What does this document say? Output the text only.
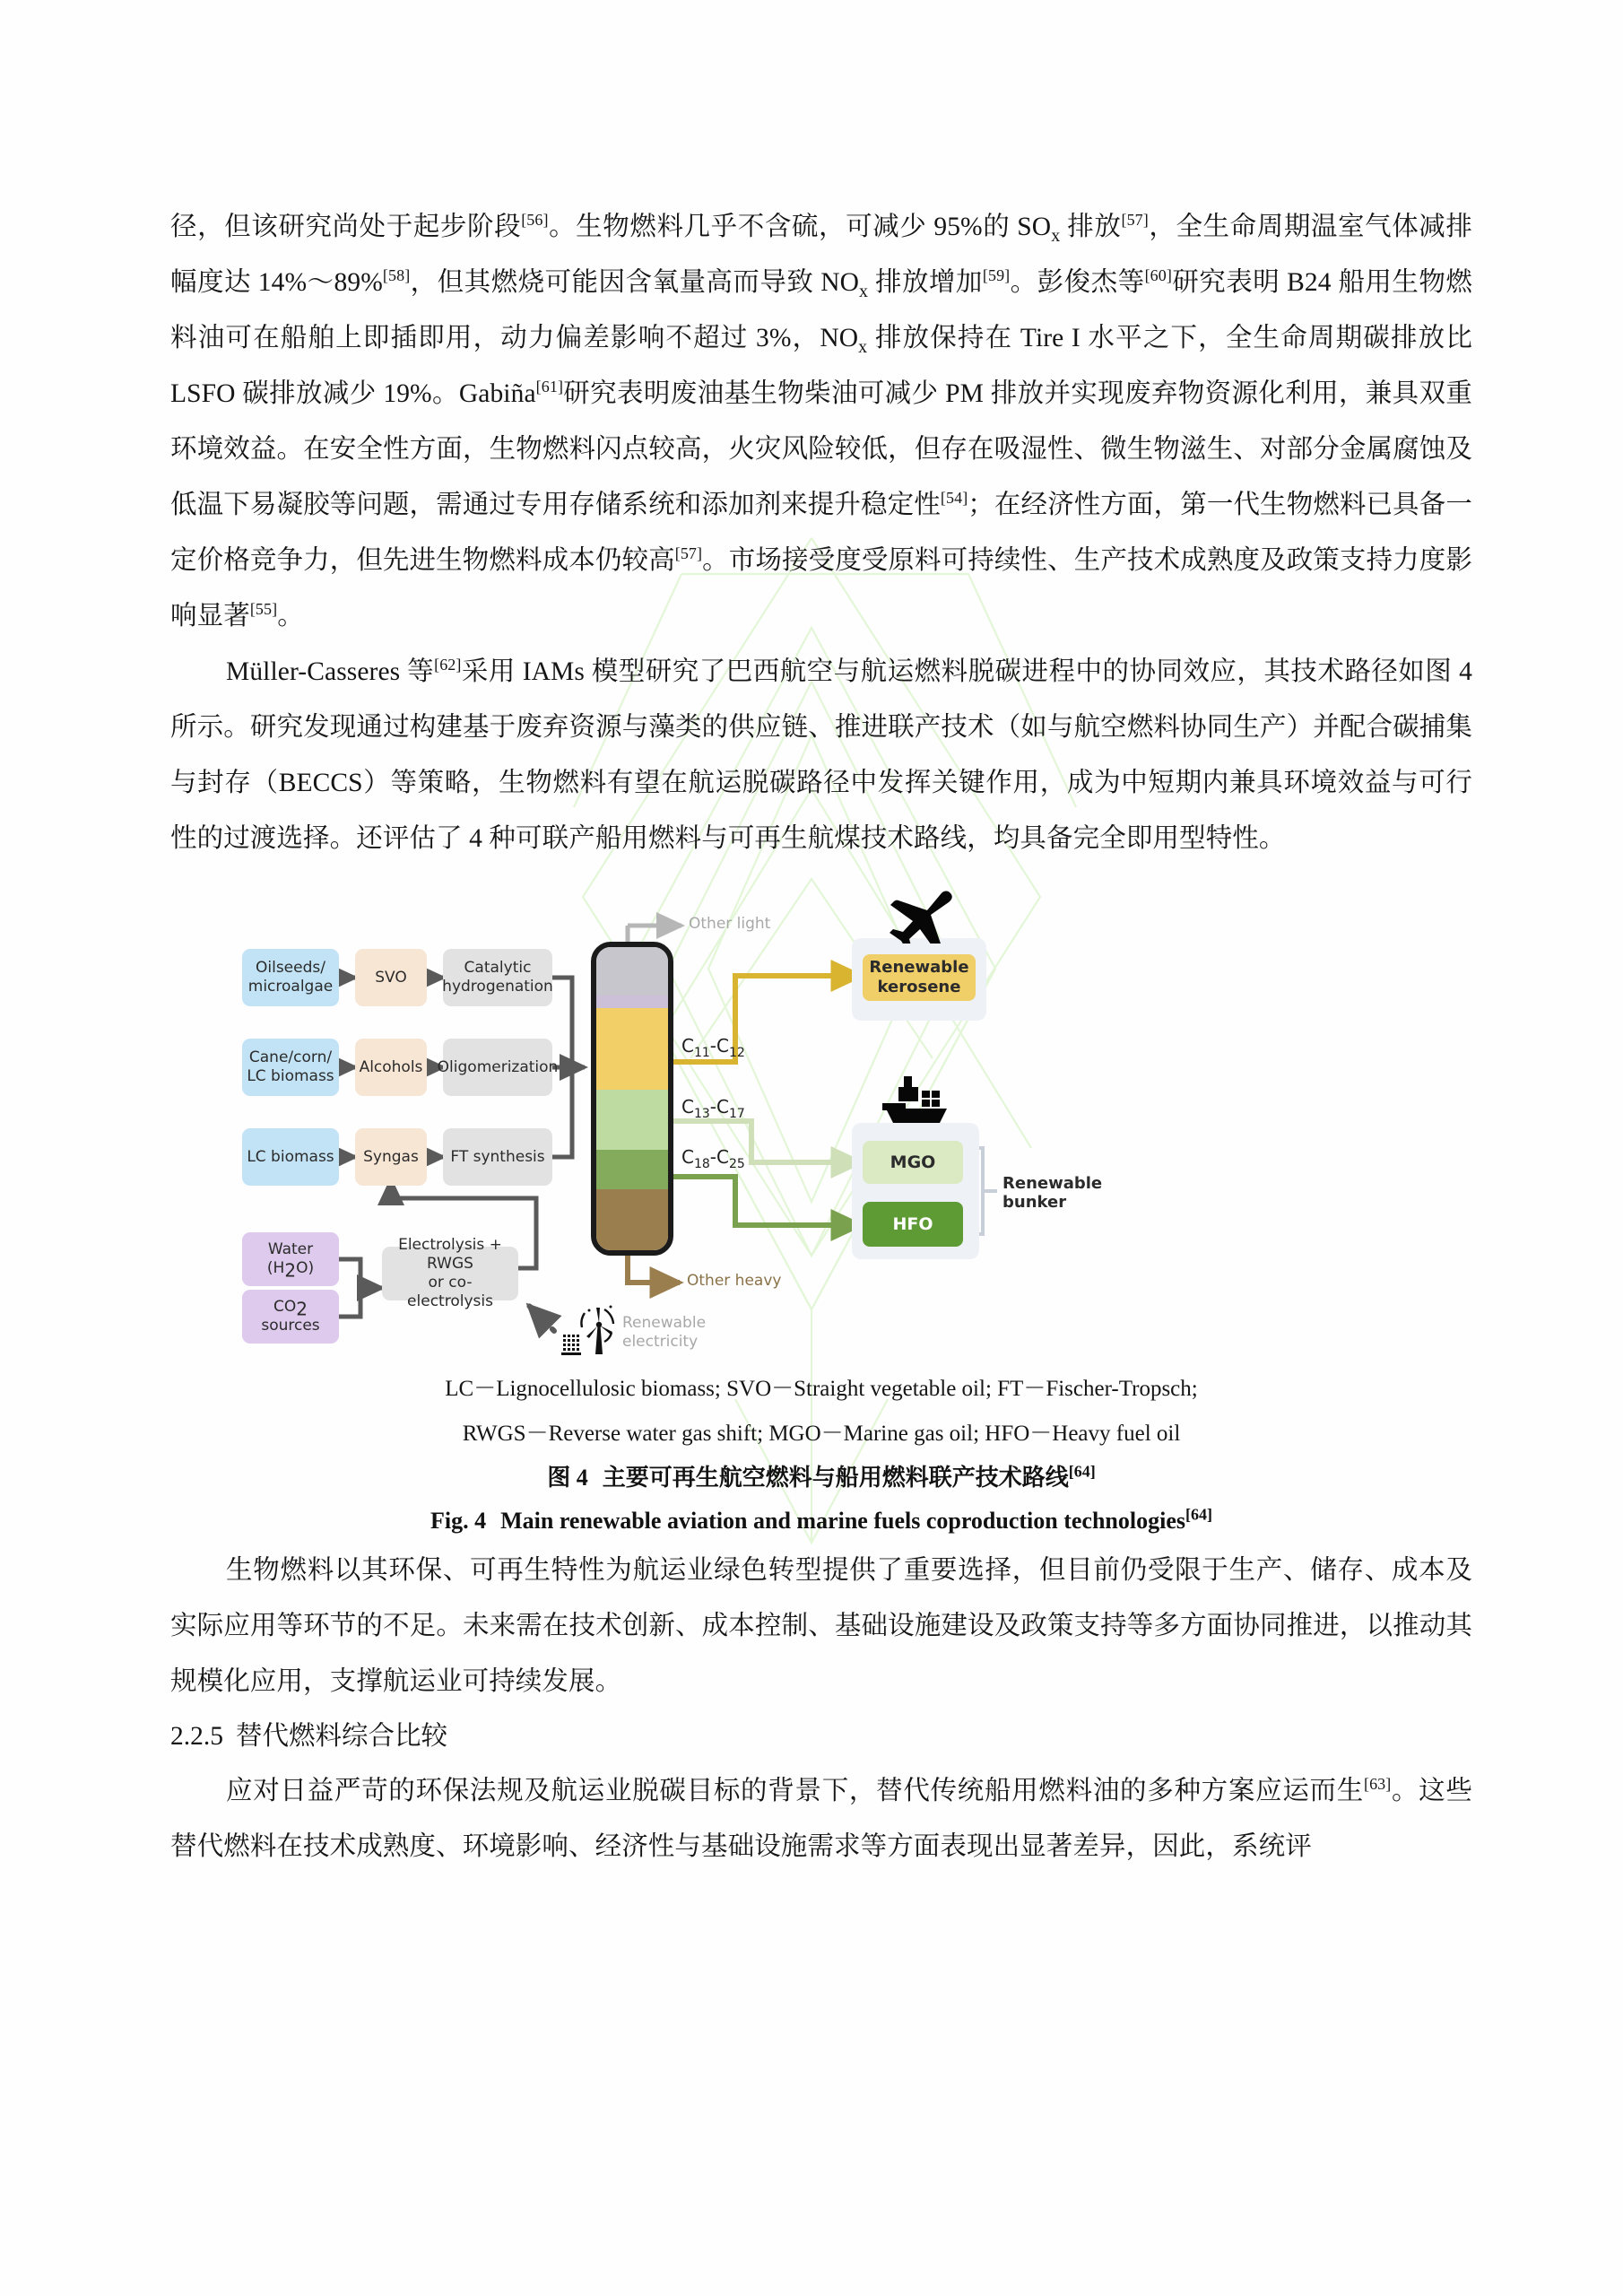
径，但该研究尚处于起步阶段[56]。生物燃料几乎不含硫，可减少 95%的 $SO_x$ 排放[57]，全生命周期温室气体减排幅度达 14%～89%[58]，但其燃烧可能因含氧量高而导致 $NO_x$ 排放增加[59]。彭俊杰等[60]研究表明 B24 船用生物燃料油可在船舶上即插即用，动力偏差影响不超过 3%，$NO_x$ 排放保持在 Tire I 水平之下，全生命周期碳排放比 LSFO 碳排放减少 19%。Gabiña[61]研究表明废油基生物柴油可减少 PM 排放并实现废弃物资源化利用，兼具双重环境效益。在安全性方面，生物燃料闪点较高，火灾风险较低，但存在吸湿性、微生物滋生、对部分金属腐蚀及低温下易凝胶等问题，需通过专用存储系统和添加剂来提升稳定性[54]；在经济性方面，第一代生物燃料已具备一定价格竞争力，但先进生物燃料成本仍较高[57]。市场接受度受原料可持续性、生产技术成熟度及政策支持力度影响显著[55]。

Müller-Casseres 等[62]采用 IAMs 模型研究了巴西航空与航运燃料脱碳进程中的协同效应，其技术路径如图 4 所示。研究发现通过构建基于废弃资源与藻类的供应链、推进联产技术（如与航空燃料协同生产）并配合碳捕集与封存（BECCS）等策略，生物燃料有望在航运脱碳路径中发挥关键作用，成为中短期内兼具环境效益与可行性的过渡选择。还评估了 4 种可联产船用燃料与可再生航煤技术路线，均具备完全即用型特性。

Oilseeds/
microalgae
Cane/corn/
LC biomass
LC biomass
SVO
Alcohols
Syngas
Catalytic
hydrogenation
Oligomerization
FT synthesis
Water (H2O)
CO2 sources
Electrolysis + RWGS
or co-electrolysis
Renewable
electricity
Other light
Other heavy
$C_{11}-C_{12}$
$C_{13}-C_{17}$
$C_{18}-C_{25}$
Renewable
kerosene
MGO
HFO
Renewable
bunker
LC－Lignocellulosic biomass; SVO－Straight vegetable oil; FT－Fischer-Tropsch;
RWGS－Reverse water gas shift; MGO－Marine gas oil; HFO－Heavy fuel oil
图 4 主要可再生航空燃料与船用燃料联产技术路线[64]
Fig. 4 Main renewable aviation and marine fuels coproduction technologies[64]

生物燃料以其环保、可再生特性为航运业绿色转型提供了重要选择，但目前仍受限于生产、储存、成本及实际应用等环节的不足。未来需在技术创新、成本控制、基础设施建设及政策支持等多方面协同推进，以推动其规模化应用，支撑航运业可持续发展。

2.2.5 替代燃料综合比较

应对日益严苛的环保法规及航运业脱碳目标的背景下，替代传统船用燃料油的多种方案应运而生[63]。这些替代燃料在技术成熟度、环境影响、经济性与基础设施需求等方面表现出显著差异，因此，系统评
